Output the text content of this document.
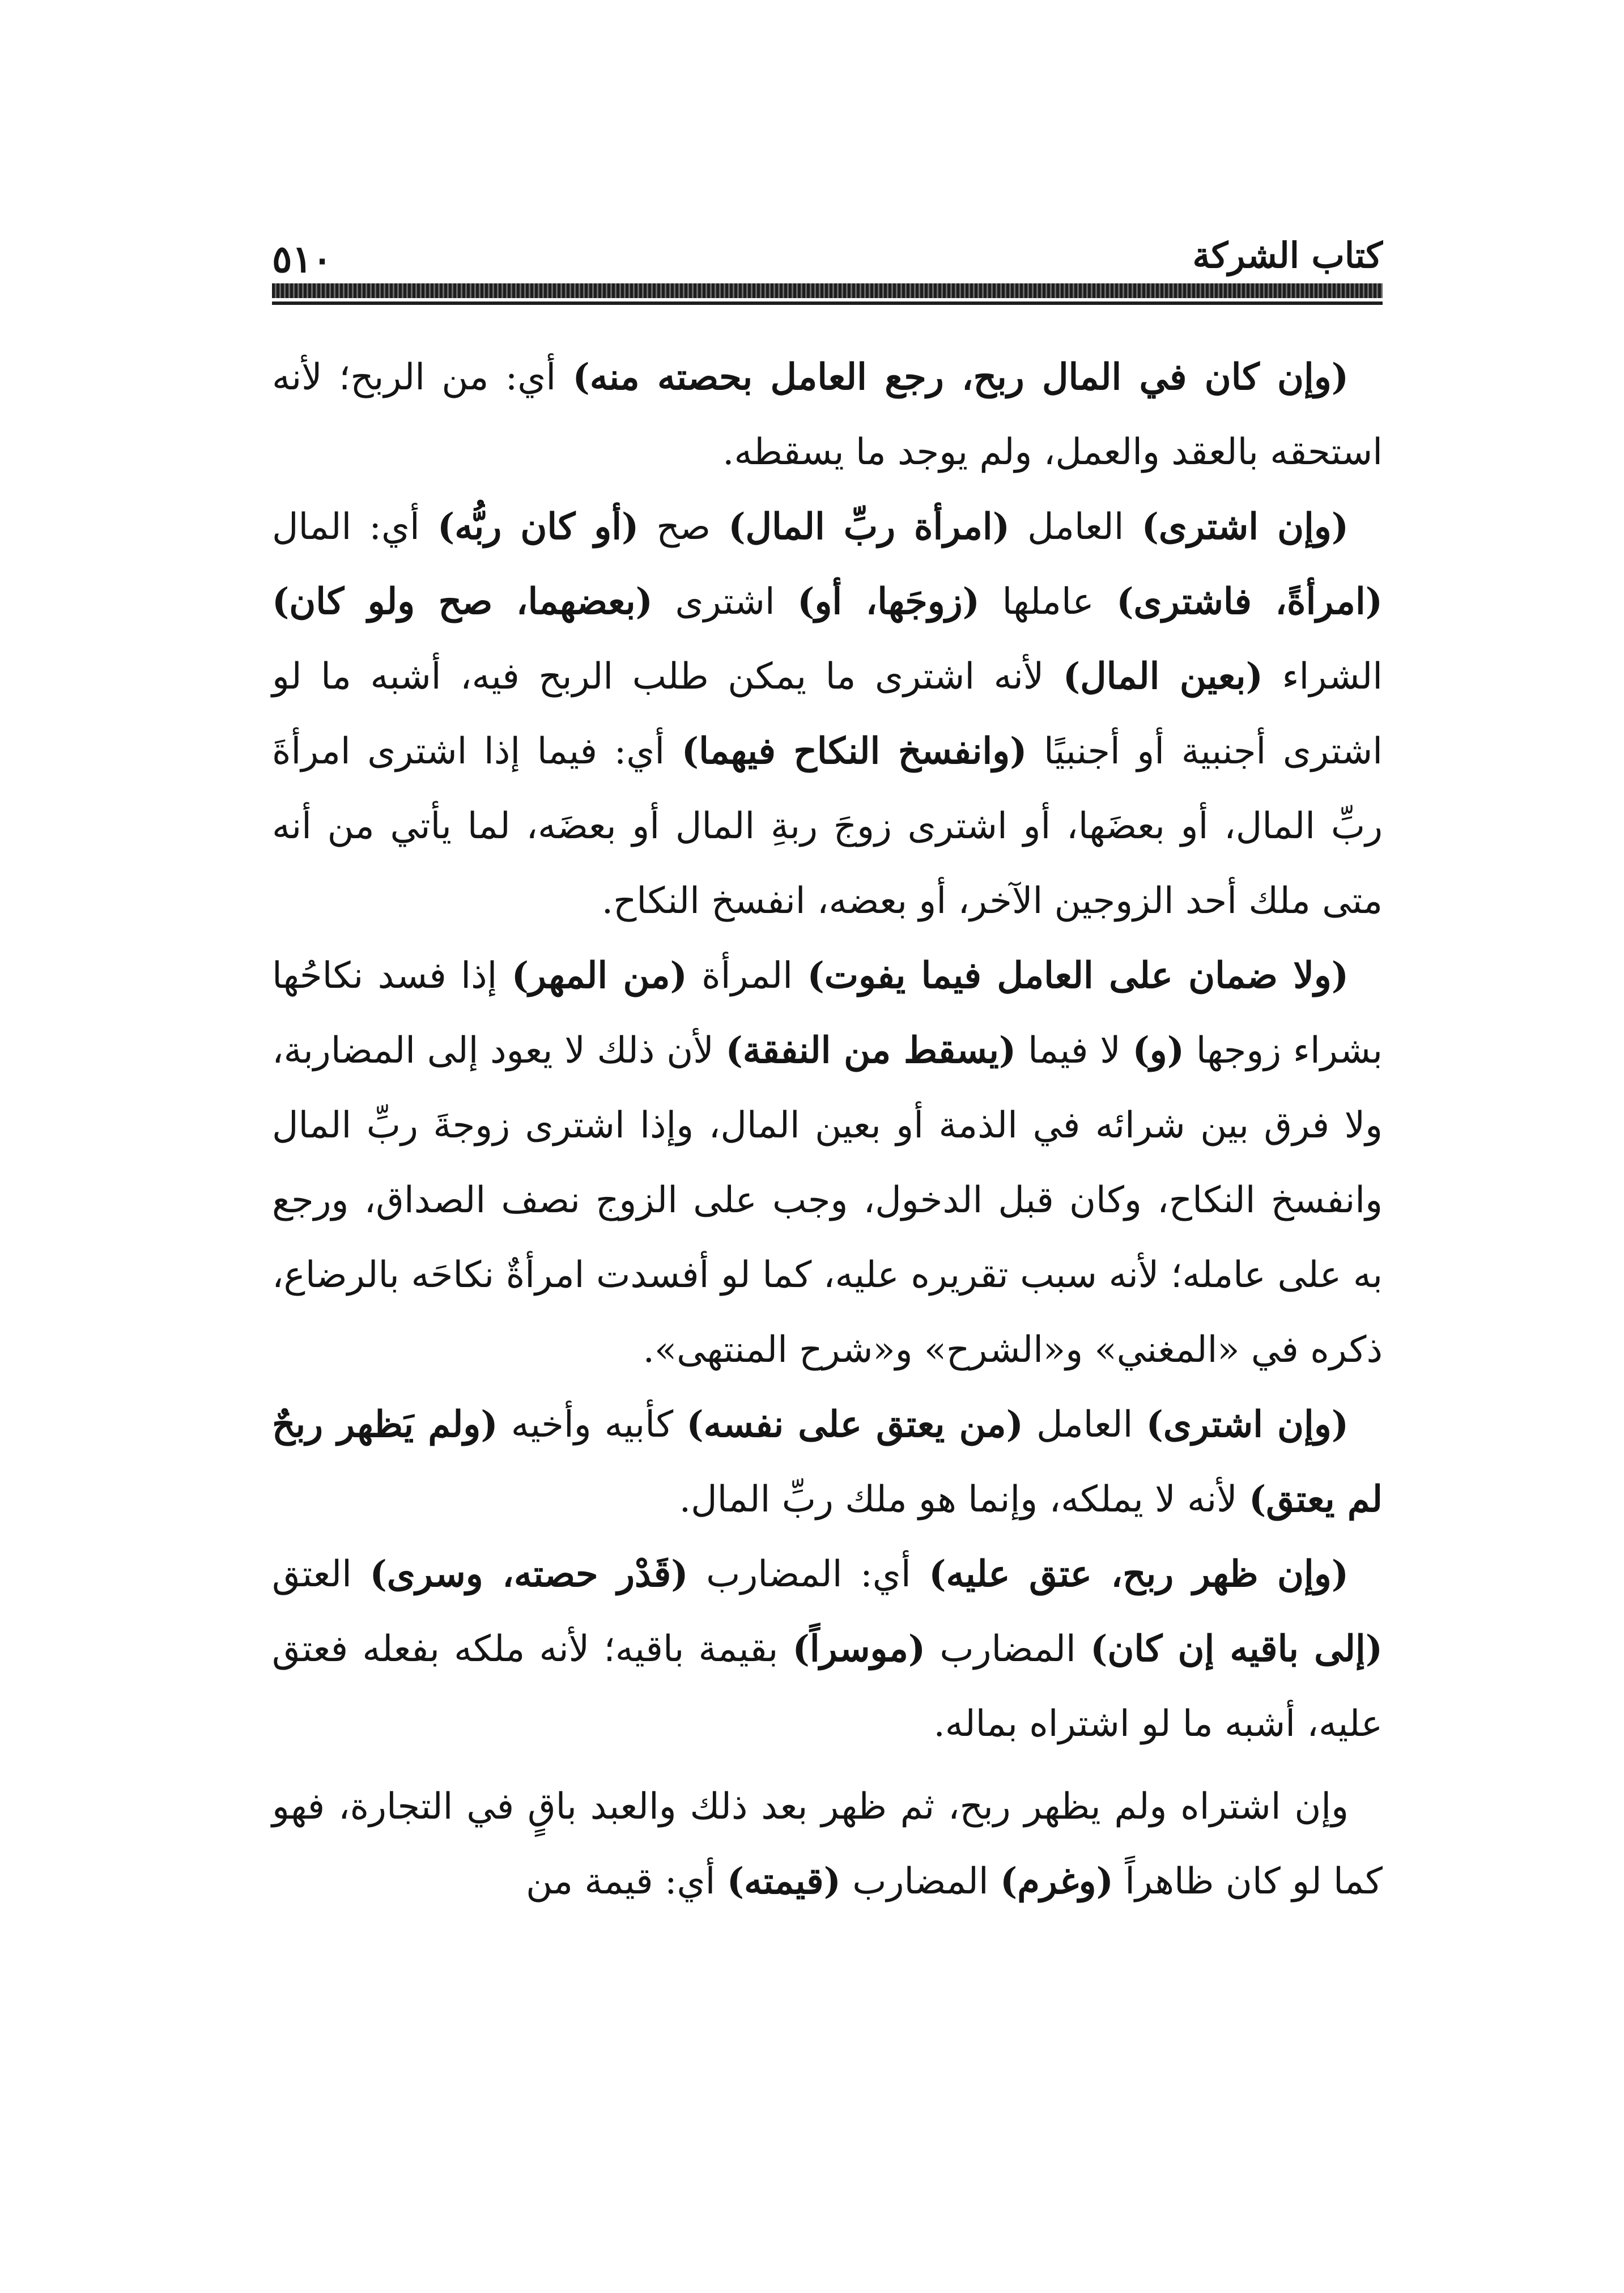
٥١٠	كتاب الشركة

(وإن كان في المال ربح، رجع العامل بحصته منه) أي: من الربح؛ لأنه استحقه بالعقد والعمل، ولم يوجد ما يسقطه.

(وإن اشترى) العامل (امرأة ربِّ المال) صح (أو كان ربُّه) أي: المال (امرأةً، فاشترى) عاملها (زوجَها، أو) اشترى (بعضهما، صح ولو كان) الشراء (بعين المال) لأنه اشترى ما يمكن طلب الربح فيه، أشبه ما لو اشترى أجنبية أو أجنبيًا (وانفسخ النكاح فيهما) أي: فيما إذا اشترى امرأةَ ربِّ المال، أو بعضَها، أو اشترى زوجَ ربةِ المال أو بعضَه، لما يأتي من أنه متى ملك أحد الزوجين الآخر، أو بعضه، انفسخ النكاح.

(ولا ضمان على العامل فيما يفوت) المرأة (من المهر) إذا فسد نكاحُها بشراء زوجها (و) لا فيما (يسقط من النفقة) لأن ذلك لا يعود إلى المضاربة، ولا فرق بين شرائه في الذمة أو بعين المال، وإذا اشترى زوجةَ ربِّ المال وانفسخ النكاح، وكان قبل الدخول، وجب على الزوج نصف الصداق، ورجع به على عامله؛ لأنه سبب تقريره عليه، كما لو أفسدت امرأةٌ نكاحَه بالرضاع، ذكره في «المغني» و«الشرح» و«شرح المنتهى».

(وإن اشترى) العامل (من يعتق على نفسه) كأبيه وأخيه (ولم يَظهر ربحٌ لم يعتق) لأنه لا يملكه، وإنما هو ملك ربِّ المال.

(وإن ظهر ربح، عتق عليه) أي: المضارب (قَدْر حصته، وسرى) العتق (إلى باقيه إن كان) المضارب (موسراً) بقيمة باقيه؛ لأنه ملكه بفعله فعتق عليه، أشبه ما لو اشتراه بماله.

وإن اشتراه ولم يظهر ربح، ثم ظهر بعد ذلك والعبد باقٍ في التجارة، فهو كما لو كان ظاهراً (وغرم) المضارب (قيمته) أي: قيمة من
